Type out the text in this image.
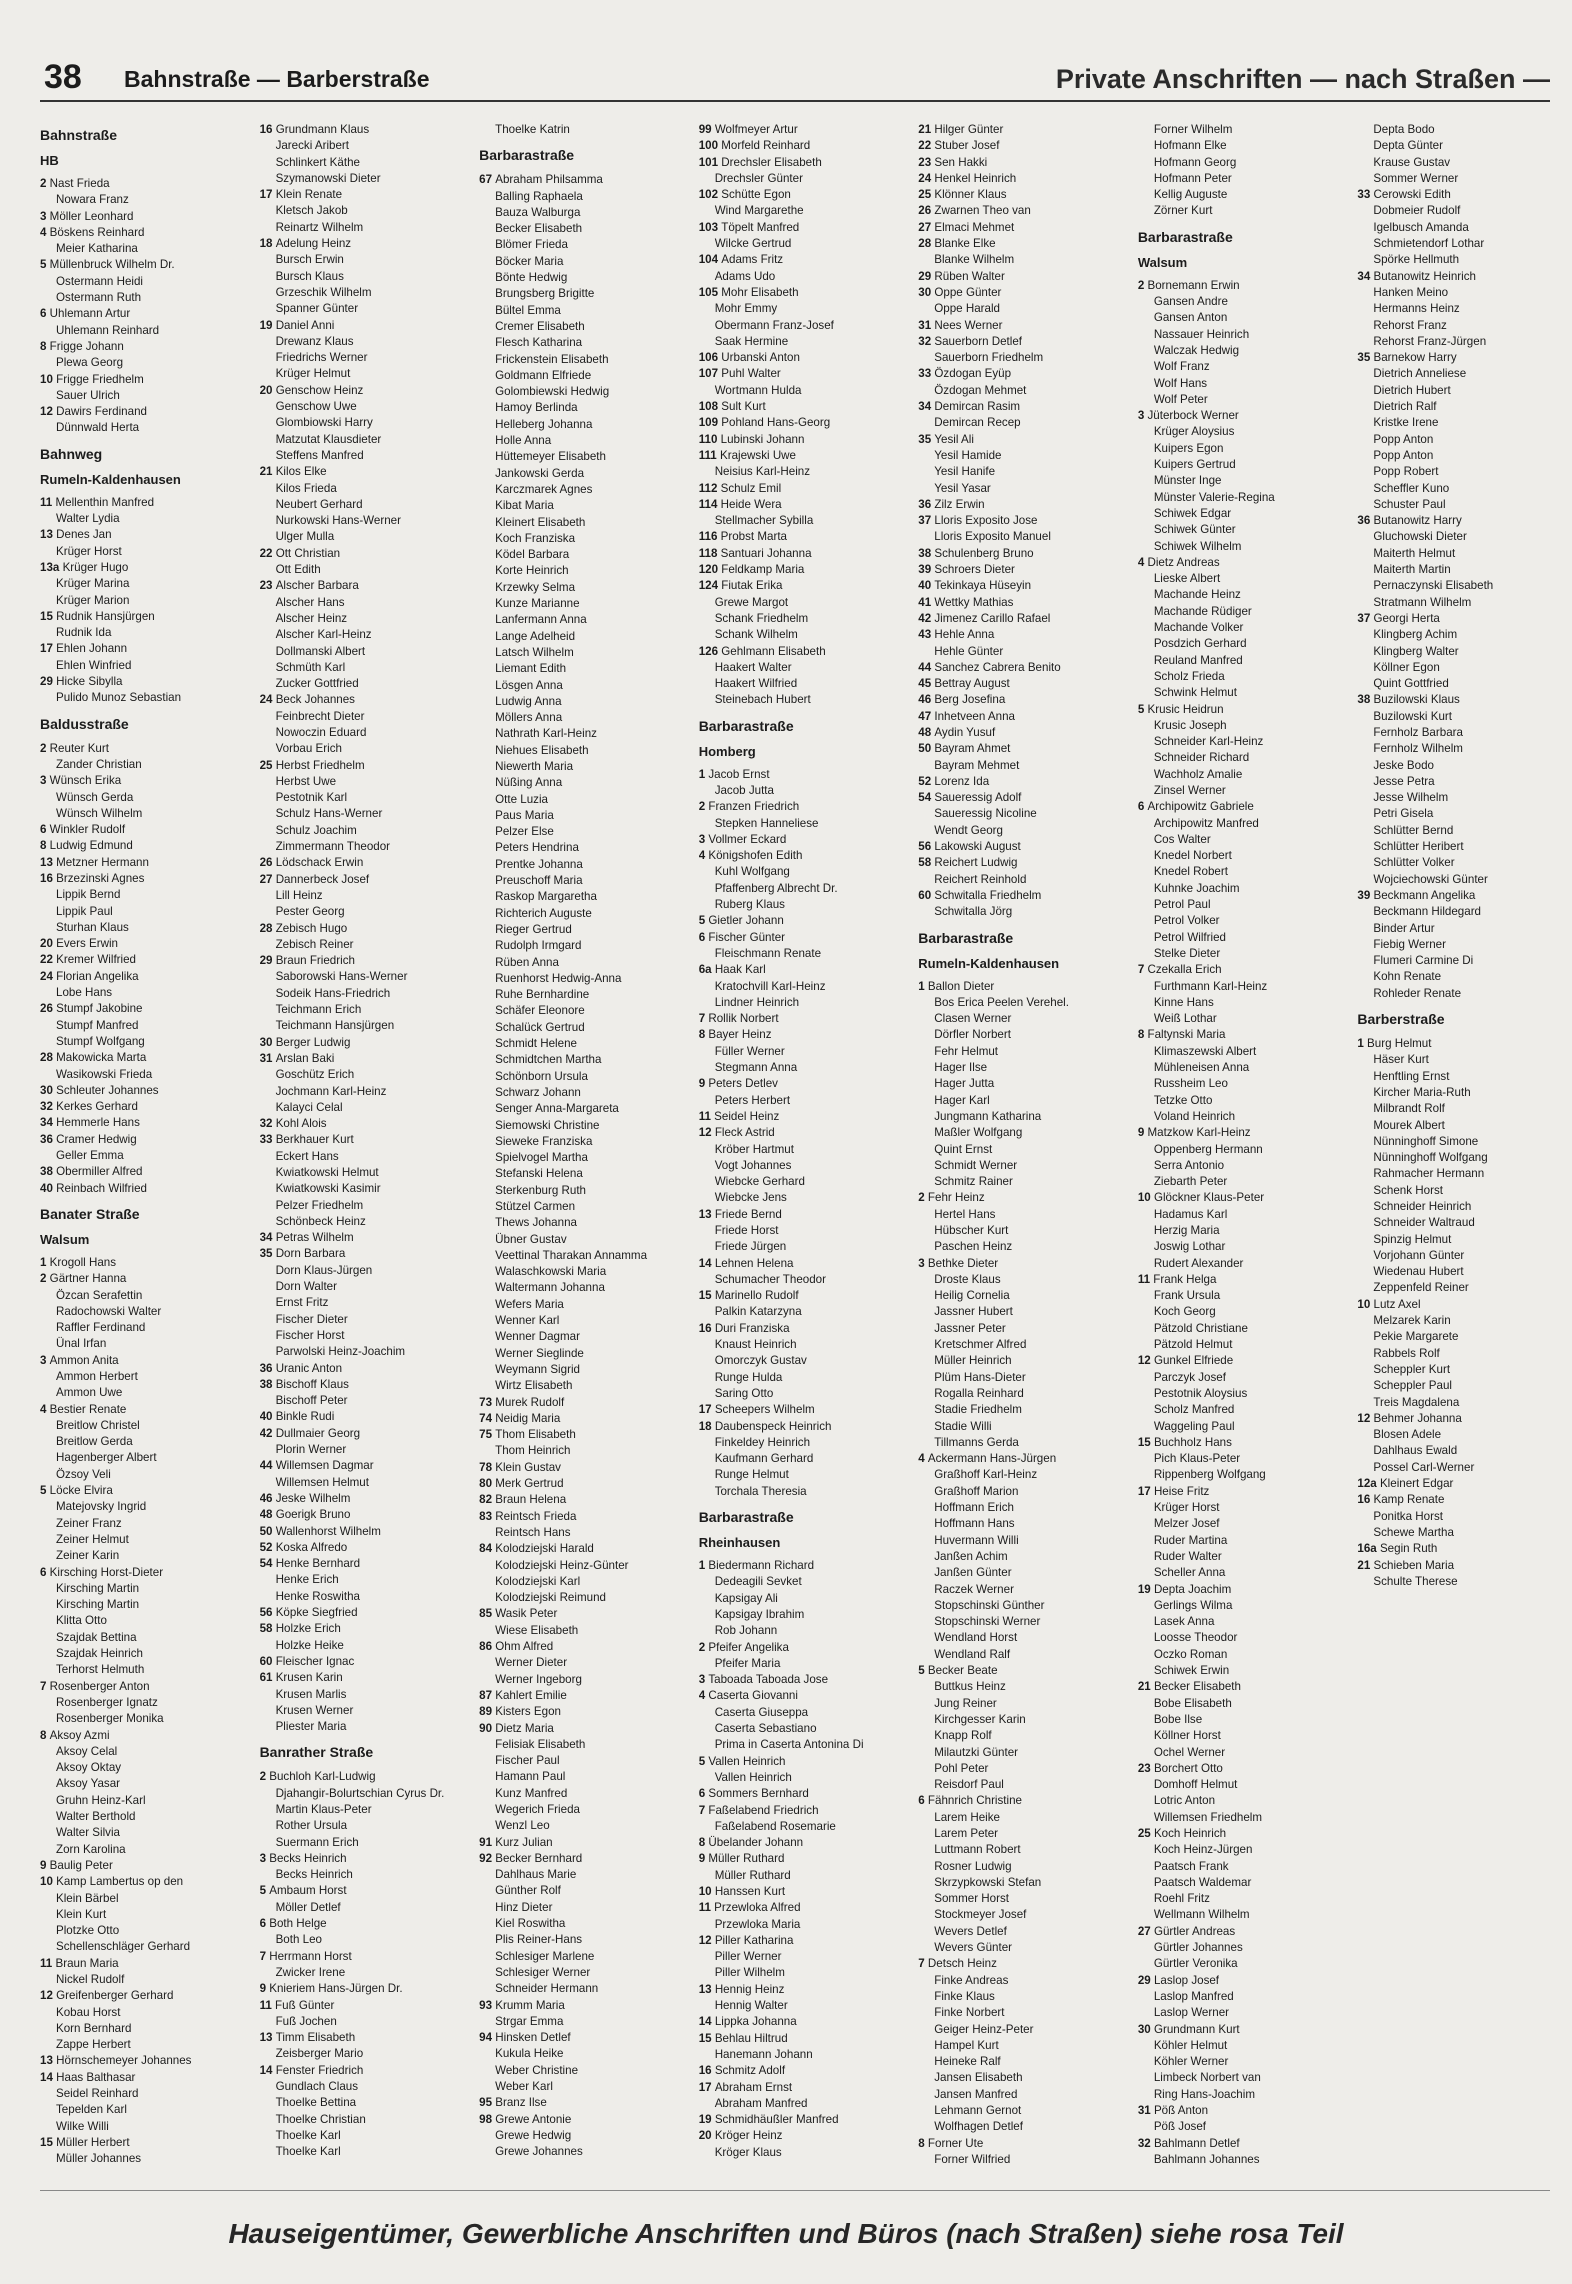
38 Bahnstraße — Barberstraße	Private Anschriften — nach Straßen —
Bahnstraße
HB
2 Nast Frieda
Nowara Franz
3 Möller Leonhard
4 Böskens Reinhard
Meier Katharina
5 Müllenbruck Wilhelm Dr.
Ostermann Heidi
Ostermann Ruth
6 Uhlemann Artur
Uhlemann Reinhard
8 Frigge Johann
Plewa Georg
10 Frigge Friedhelm
Sauer Ulrich
12 Dawirs Ferdinand
Dünnwald Herta
Bahnweg
Rumeln-Kaldenhausen
11 Mellenthin Manfred
Walter Lydia
13 Denes Jan
Krüger Horst
13a Krüger Hugo
Krüger Marina
Krüger Marion
15 Rudnik Hansjürgen
Rudnik Ida
17 Ehlen Johann
Ehlen Winfried
29 Hicke Sibylla
Pulido Munoz Sebastian
Baldusstraße
2 Reuter Kurt
Zander Christian
3 Wünsch Erika
Wünsch Gerda
Wünsch Wilhelm
6 Winkler Rudolf
8 Ludwig Edmund
13 Metzner Hermann
16 Brzezinski Agnes
Lippik Bernd
Lippik Paul
Sturhan Klaus
20 Evers Erwin
22 Kremer Wilfried
24 Florian Angelika
Lobe Hans
26 Stumpf Jakobine
Stumpf Manfred
Stumpf Wolfgang
28 Makowicka Marta
Wasikowski Frieda
30 Schleuter Johannes
32 Kerkes Gerhard
34 Hemmerle Hans
36 Cramer Hedwig
Geller Emma
38 Obermiller Alfred
40 Reinbach Wilfried
Banater Straße
Walsum
1 Krogoll Hans
2 Gärtner Hanna
Özcan Serafettin
Radochowski Walter
Raffler Ferdinand
Ünal Irfan
3 Ammon Anita
Ammon Herbert
Ammon Uwe
4 Bestier Renate
Breitlow Christel
Breitlow Gerda
Hagenberger Albert
Özsoy Veli
5 Löcke Elvira
Matejovsky Ingrid
Zeiner Franz
Zeiner Helmut
Zeiner Karin
6 Kirsching Horst-Dieter
Kirsching Martin
Kirsching Martin
Klitta Otto
Szajdak Bettina
Szajdak Heinrich
Terhorst Helmuth
7 Rosenberger Anton
Rosenberger Ignatz
Rosenberger Monika
8 Aksoy Azmi
Aksoy Celal
Aksoy Oktay
Aksoy Yasar
Gruhn Heinz-Karl
Walter Berthold
Walter Silvia
Zorn Karolina
9 Baulig Peter
10 Kamp Lambertus op den
Klein Bärbel
Klein Kurt
Plotzke Otto
Schellenschläger Gerhard
11 Braun Maria
Nickel Rudolf
12 Greifenberger Gerhard
Kobau Horst
Korn Bernhard
Zappe Herbert
13 Hörnschemeyer Johannes
14 Haas Balthasar
Seidel Reinhard
Tepelden Karl
Wilke Willi
15 Müller Herbert
Müller Johannes
16 Grundmann Klaus
Jarecki Aribert
Schlinkert Käthe
Szymanowski Dieter
17 Klein Renate
Kletsch Jakob
Reinartz Wilhelm
18 Adelung Heinz
Bursch Erwin
Bursch Klaus
Grzeschik Wilhelm
Spanner Günter
19 Daniel Anni
Drewanz Klaus
Friedrichs Werner
Krüger Helmut
20 Genschow Heinz
Genschow Uwe
Glombiowski Harry
Matzutat Klausdieter
Steffens Manfred
21 Kilos Elke
Kilos Frieda
Neubert Gerhard
Nurkowski Hans-Werner
Ulger Mulla
22 Ott Christian
Ott Edith
23 Alscher Barbara
Alscher Hans
Alscher Heinz
Alscher Karl-Heinz
Dollmanski Albert
Schmüth Karl
Zucker Gottfried
24 Beck Johannes
Feinbrecht Dieter
Nowoczin Eduard
Vorbau Erich
25 Herbst Friedhelm
Herbst Uwe
Pestotnik Karl
Schulz Hans-Werner
Schulz Joachim
Zimmermann Theodor
26 Lödschack Erwin
27 Dannerbeck Josef
Lill Heinz
Pester Georg
28 Zebisch Hugo
Zebisch Reiner
29 Braun Friedrich
Saborowski Hans-Werner
Sodeik Hans-Friedrich
Teichmann Erich
Teichmann Hansjürgen
30 Berger Ludwig
31 Arslan Baki
Goschütz Erich
Jochmann Karl-Heinz
Kalayci Celal
32 Kohl Alois
33 Berkhauer Kurt
Eckert Hans
Kwiatkowski Helmut
Kwiatkowski Kasimir
Pelzer Friedhelm
Schönbeck Heinz
34 Petras Wilhelm
35 Dorn Barbara
Dorn Klaus-Jürgen
Dorn Walter
Ernst Fritz
Fischer Dieter
Fischer Horst
Parwolski Heinz-Joachim
36 Uranic Anton
38 Bischoff Klaus
Bischoff Peter
40 Binkle Rudi
42 Dullmaier Georg
Plorin Werner
44 Willemsen Dagmar
Willemsen Helmut
46 Jeske Wilhelm
48 Goerigk Bruno
50 Wallenhorst Wilhelm
52 Koska Alfredo
54 Henke Bernhard
Henke Erich
Henke Roswitha
56 Köpke Siegfried
58 Holzke Erich
Holzke Heike
60 Fleischer Ignac
61 Krusen Karin
Krusen Marlis
Krusen Werner
Pliester Maria
Banrather Straße
2 Buchloh Karl-Ludwig
Djahangir-Bolurtschian Cyrus Dr.
Martin Klaus-Peter
Rother Ursula
Suermann Erich
3 Becks Heinrich
Becks Heinrich
5 Ambaum Horst
Möller Detlef
6 Both Helge
Both Leo
7 Herrmann Horst
Zwicker Irene
9 Knieriem Hans-Jürgen Dr.
11 Fuß Günter
Fuß Jochen
13 Timm Elisabeth
Zeisberger Mario
14 Fenster Friedrich
Gundlach Claus
Thoelke Bettina
Thoelke Christian
Thoelke Karl
Thoelke Karl
Thoelke Katrin
Barbarastraße
67 Abraham Philsamma
Balling Raphaela
Bauza Walburga
Becker Elisabeth
Blömer Frieda
Böcker Maria
Bönte Hedwig
Brungsberg Brigitte
Bültel Emma
Cremer Elisabeth
Flesch Katharina
Frickenstein Elisabeth
Goldmann Elfriede
Golombiewski Hedwig
Hamoy Berlinda
Helleberg Johanna
Holle Anna
Hüttemeyer Elisabeth
Jankowski Gerda
Karczmarek Agnes
Kibat Maria
Kleinert Elisabeth
Koch Franziska
Ködel Barbara
Korte Heinrich
Krzewky Selma
Kunze Marianne
Lanfermann Anna
Lange Adelheid
Latsch Wilhelm
Liemant Edith
Lösgen Anna
Ludwig Anna
Möllers Anna
Nathrath Karl-Heinz
Niehues Elisabeth
Niewerth Maria
Nüßing Anna
Otte Luzia
Paus Maria
Pelzer Else
Peters Hendrina
Prentke Johanna
Preuschoff Maria
Raskop Margaretha
Richterich Auguste
Rieger Gertrud
Rudolph Irmgard
Rüben Anna
Ruenhorst Hedwig-Anna
Ruhe Bernhardine
Schäfer Eleonore
Schalück Gertrud
Schmidt Helene
Schmidtchen Martha
Schönborn Ursula
Schwarz Johann
Senger Anna-Margareta
Siemowski Christine
Sieweke Franziska
Spielvogel Martha
Stefanski Helena
Sterkenburg Ruth
Stützel Carmen
Thews Johanna
Übner Gustav
Veettinal Tharakan Annamma
Walaschkowski Maria
Waltermann Johanna
Wefers Maria
Wenner Karl
Wenner Dagmar
Werner Sieglinde
Weymann Sigrid
Wirtz Elisabeth
73 Murek Rudolf
74 Neidig Maria
75 Thom Elisabeth
Thom Heinrich
78 Klein Gustav
80 Merk Gertrud
82 Braun Helena
83 Reintsch Frieda
Reintsch Hans
84 Kolodziejski Harald
Kolodziejski Heinz-Günter
Kolodziejski Karl
Kolodziejski Reimund
85 Wasik Peter
Wiese Elisabeth
86 Ohm Alfred
Werner Dieter
Werner Ingeborg
87 Kahlert Emilie
89 Kisters Egon
90 Dietz Maria
Felisiak Elisabeth
Fischer Paul
Hamann Paul
Kunz Manfred
Wegerich Frieda
Wenzl Leo
91 Kurz Julian
92 Becker Bernhard
Dahlhaus Marie
Günther Rolf
Hinz Dieter
Kiel Roswitha
Plis Reiner-Hans
Schlesiger Marlene
Schlesiger Werner
Schneider Hermann
93 Krumm Maria
Strgar Emma
94 Hinsken Detlef
Kukula Heike
Weber Christine
Weber Karl
95 Branz Ilse
98 Grewe Antonie
Grewe Hedwig
Grewe Johannes
99 Wolfmeyer Artur
100 Morfeld Reinhard
101 Drechsler Elisabeth
Drechsler Günter
102 Schütte Egon
Wind Margarethe
103 Töpelt Manfred
Wilcke Gertrud
104 Adams Fritz
Adams Udo
105 Mohr Elisabeth
Mohr Emmy
Obermann Franz-Josef
Saak Hermine
106 Urbanski Anton
107 Puhl Walter
Wortmann Hulda
108 Sult Kurt
109 Pohland Hans-Georg
110 Lubinski Johann
111 Krajewski Uwe
Neisius Karl-Heinz
112 Schulz Emil
114 Heide Wera
Stellmacher Sybilla
116 Probst Marta
118 Santuari Johanna
120 Feldkamp Maria
124 Fiutak Erika
Grewe Margot
Schank Friedhelm
Schank Wilhelm
126 Gehlmann Elisabeth
Haakert Walter
Haakert Wilfried
Steinebach Hubert
Barbarastraße
Homberg
1 Jacob Ernst
Jacob Jutta
2 Franzen Friedrich
Stepken Hanneliese
3 Vollmer Eckard
4 Königshofen Edith
Kuhl Wolfgang
Pfaffenberg Albrecht Dr.
Ruberg Klaus
5 Gietler Johann
6 Fischer Günter
Fleischmann Renate
6a Haak Karl
Kratochvill Karl-Heinz
Lindner Heinrich
7 Rollik Norbert
8 Bayer Heinz
Füller Werner
Stegmann Anna
9 Peters Detlev
Peters Herbert
11 Seidel Heinz
12 Fleck Astrid
Kröber Hartmut
Vogt Johannes
Wiebcke Gerhard
Wiebcke Jens
13 Friede Bernd
Friede Horst
Friede Jürgen
14 Lehnen Helena
Schumacher Theodor
15 Marinello Rudolf
Palkin Katarzyna
16 Duri Franziska
Knaust Heinrich
Omorczyk Gustav
Runge Hulda
Saring Otto
17 Scheepers Wilhelm
18 Daubenspeck Heinrich
Finkeldey Heinrich
Kaufmann Gerhard
Runge Helmut
Torchala Theresia
Barbarastraße
Rheinhausen
1 Biedermann Richard
Dedeagili Sevket
Kapsigay Ali
Kapsigay Ibrahim
Rob Johann
2 Pfeifer Angelika
Pfeifer Maria
3 Taboada Taboada Jose
4 Caserta Giovanni
Caserta Giuseppa
Caserta Sebastiano
Prima in Caserta Antonina Di
5 Vallen Heinrich
Vallen Heinrich
6 Sommers Bernhard
7 Faßelabend Friedrich
Faßelabend Rosemarie
8 Übelander Johann
9 Müller Ruthard
Müller Ruthard
10 Hanssen Kurt
11 Przewloka Alfred
Przewloka Maria
12 Piller Katharina
Piller Werner
Piller Wilhelm
13 Hennig Heinz
Hennig Walter
14 Lippka Johanna
15 Behlau Hiltrud
Hanemann Johann
16 Schmitz Adolf
17 Abraham Ernst
Abraham Manfred
19 Schmidhäußler Manfred
20 Kröger Heinz
Kröger Klaus
21 Hilger Günter
22 Stuber Josef
23 Sen Hakki
24 Henkel Heinrich
25 Klönner Klaus
26 Zwarnen Theo van
27 Elmaci Mehmet
28 Blanke Elke
Blanke Wilhelm
29 Rüben Walter
30 Oppe Günter
Oppe Harald
31 Nees Werner
32 Sauerborn Detlef
Sauerborn Friedhelm
33 Özdogan Eyüp
Özdogan Mehmet
34 Demircan Rasim
Demircan Recep
35 Yesil Ali
Yesil Hamide
Yesil Hanife
Yesil Yasar
36 Zilz Erwin
37 Lloris Exposito Jose
Lloris Exposito Manuel
38 Schulenberg Bruno
39 Schroers Dieter
40 Tekinkaya Hüseyin
41 Wettky Mathias
42 Jimenez Carillo Rafael
43 Hehle Anna
Hehle Günter
44 Sanchez Cabrera Benito
45 Bettray August
46 Berg Josefina
47 Inhetveen Anna
48 Aydin Yusuf
50 Bayram Ahmet
Bayram Mehmet
52 Lorenz Ida
54 Saueressig Adolf
Saueressig Nicoline
Wendt Georg
56 Lakowski August
58 Reichert Ludwig
Reichert Reinhold
60 Schwitalla Friedhelm
Schwitalla Jörg
Barbarastraße
Rumeln-Kaldenhausen
1 Ballon Dieter
Bos Erica Peelen Verehel.
Clasen Werner
Dörfler Norbert
Fehr Helmut
Hager Ilse
Hager Jutta
Hager Karl
Jungmann Katharina
Maßler Wolfgang
Quint Ernst
Schmidt Werner
Schmitz Rainer
2 Fehr Heinz
Hertel Hans
Hübscher Kurt
Paschen Heinz
3 Bethke Dieter
Droste Klaus
Heilig Cornelia
Jassner Hubert
Jassner Peter
Kretschmer Alfred
Müller Heinrich
Plüm Hans-Dieter
Rogalla Reinhard
Stadie Friedhelm
Stadie Willi
Tillmanns Gerda
4 Ackermann Hans-Jürgen
Graßhoff Karl-Heinz
Graßhoff Marion
Hoffmann Erich
Hoffmann Hans
Huvermann Willi
Janßen Achim
Janßen Günter
Raczek Werner
Stopschinski Günther
Stopschinski Werner
Wendland Horst
Wendland Ralf
5 Becker Beate
Buttkus Heinz
Jung Reiner
Kirchgesser Karin
Knapp Rolf
Milautzki Günter
Pohl Peter
Reisdorf Paul
6 Fähnrich Christine
Larem Heike
Larem Peter
Luttmann Robert
Rosner Ludwig
Skrzypkowski Stefan
Sommer Horst
Stockmeyer Josef
Wevers Detlef
Wevers Günter
7 Detsch Heinz
Finke Andreas
Finke Klaus
Finke Norbert
Geiger Heinz-Peter
Hampel Kurt
Heineke Ralf
Jansen Elisabeth
Jansen Manfred
Lehmann Gernot
Wolfhagen Detlef
8 Forner Ute
Forner Wilfried
Forner Wilhelm
Hofmann Elke
Hofmann Georg
Hofmann Peter
Kellig Auguste
Zörner Kurt
Barbarastraße
Walsum
2 Bornemann Erwin
Gansen Andre
Gansen Anton
Nassauer Heinrich
Walczak Hedwig
Wolf Franz
Wolf Hans
Wolf Peter
3 Jüterbock Werner
Krüger Aloysius
Kuipers Egon
Kuipers Gertrud
Münster Inge
Münster Valerie-Regina
Schiwek Edgar
Schiwek Günter
Schiwek Wilhelm
4 Dietz Andreas
Lieske Albert
Machande Heinz
Machande Rüdiger
Machande Volker
Posdzich Gerhard
Reuland Manfred
Scholz Frieda
Schwink Helmut
5 Krusic Heidrun
Krusic Joseph
Schneider Karl-Heinz
Schneider Richard
Wachholz Amalie
Zinsel Werner
6 Archipowitz Gabriele
Archipowitz Manfred
Cos Walter
Knedel Norbert
Knedel Robert
Kuhnke Joachim
Petrol Paul
Petrol Volker
Petrol Wilfried
Stelke Dieter
7 Czekalla Erich
Furthmann Karl-Heinz
Kinne Hans
Weiß Lothar
8 Faltynski Maria
Klimaszewski Albert
Mühleneisen Anna
Russheim Leo
Tetzke Otto
Voland Heinrich
9 Matzkow Karl-Heinz
Oppenberg Hermann
Serra Antonio
Ziebarth Peter
10 Glöckner Klaus-Peter
Hadamus Karl
Herzig Maria
Joswig Lothar
Rudert Alexander
11 Frank Helga
Frank Ursula
Koch Georg
Pätzold Christiane
Pätzold Helmut
12 Gunkel Elfriede
Parczyk Josef
Pestotnik Aloysius
Scholz Manfred
Waggeling Paul
15 Buchholz Hans
Pich Klaus-Peter
Rippenberg Wolfgang
17 Heise Fritz
Krüger Horst
Melzer Josef
Ruder Martina
Ruder Walter
Scheller Anna
19 Depta Joachim
Gerlings Wilma
Lasek Anna
Loosse Theodor
Oczko Roman
Schiwek Erwin
21 Becker Elisabeth
Bobe Elisabeth
Bobe Ilse
Köllner Horst
Ochel Werner
23 Borchert Otto
Domhoff Helmut
Lotric Anton
Willemsen Friedhelm
25 Koch Heinrich
Koch Heinz-Jürgen
Paatsch Frank
Paatsch Waldemar
Roehl Fritz
Wellmann Wilhelm
27 Gürtler Andreas
Gürtler Johannes
Gürtler Veronika
29 Laslop Josef
Laslop Manfred
Laslop Werner
30 Grundmann Kurt
Köhler Helmut
Köhler Werner
Limbeck Norbert van
Ring Hans-Joachim
31 Pöß Anton
Pöß Josef
32 Bahlmann Detlef
Bahlmann Johannes
Depta Bodo
Depta Günter
Krause Gustav
Sommer Werner
33 Cerowski Edith
Dobmeier Rudolf
Igelbusch Amanda
Schmietendorf Lothar
Spörke Hellmuth
34 Butanowitz Heinrich
Hanken Meino
Hermanns Heinz
Rehorst Franz
Rehorst Franz-Jürgen
35 Barnekow Harry
Dietrich Anneliese
Dietrich Hubert
Dietrich Ralf
Kristke Irene
Popp Anton
Popp Anton
Popp Robert
Scheffler Kuno
Schuster Paul
36 Butanowitz Harry
Gluchowski Dieter
Maiterth Helmut
Maiterth Martin
Pernaczynski Elisabeth
Stratmann Wilhelm
37 Georgi Herta
Klingberg Achim
Klingberg Walter
Köllner Egon
Quint Gottfried
38 Buzilowski Klaus
Buzilowski Kurt
Fernholz Barbara
Fernholz Wilhelm
Jeske Bodo
Jesse Petra
Jesse Wilhelm
Petri Gisela
Schlütter Bernd
Schlütter Heribert
Schlütter Volker
Wojciechowski Günter
39 Beckmann Angelika
Beckmann Hildegard
Binder Artur
Fiebig Werner
Flumeri Carmine Di
Kohn Renate
Rohleder Renate
Barberstraße
1 Burg Helmut
Häser Kurt
Henftling Ernst
Kircher Maria-Ruth
Milbrandt Rolf
Mourek Albert
Nünninghoff Simone
Nünninghoff Wolfgang
Rahmacher Hermann
Schenk Horst
Schneider Heinrich
Schneider Waltraud
Spinzig Helmut
Vorjohann Günter
Wiedenau Hubert
Zeppenfeld Reiner
10 Lutz Axel
Melzarek Karin
Pekie Margarete
Rabbels Rolf
Scheppler Kurt
Scheppler Paul
Treis Magdalena
12 Behmer Johanna
Blosen Adele
Dahlhaus Ewald
Possel Carl-Werner
12a Kleinert Edgar
16 Kamp Renate
Ponitka Horst
Schewe Martha
16a Segin Ruth
21 Schieben Maria
Schulte Therese
Hauseigentümer, Gewerbliche Anschriften und Büros (nach Straßen) siehe rosa Teil
